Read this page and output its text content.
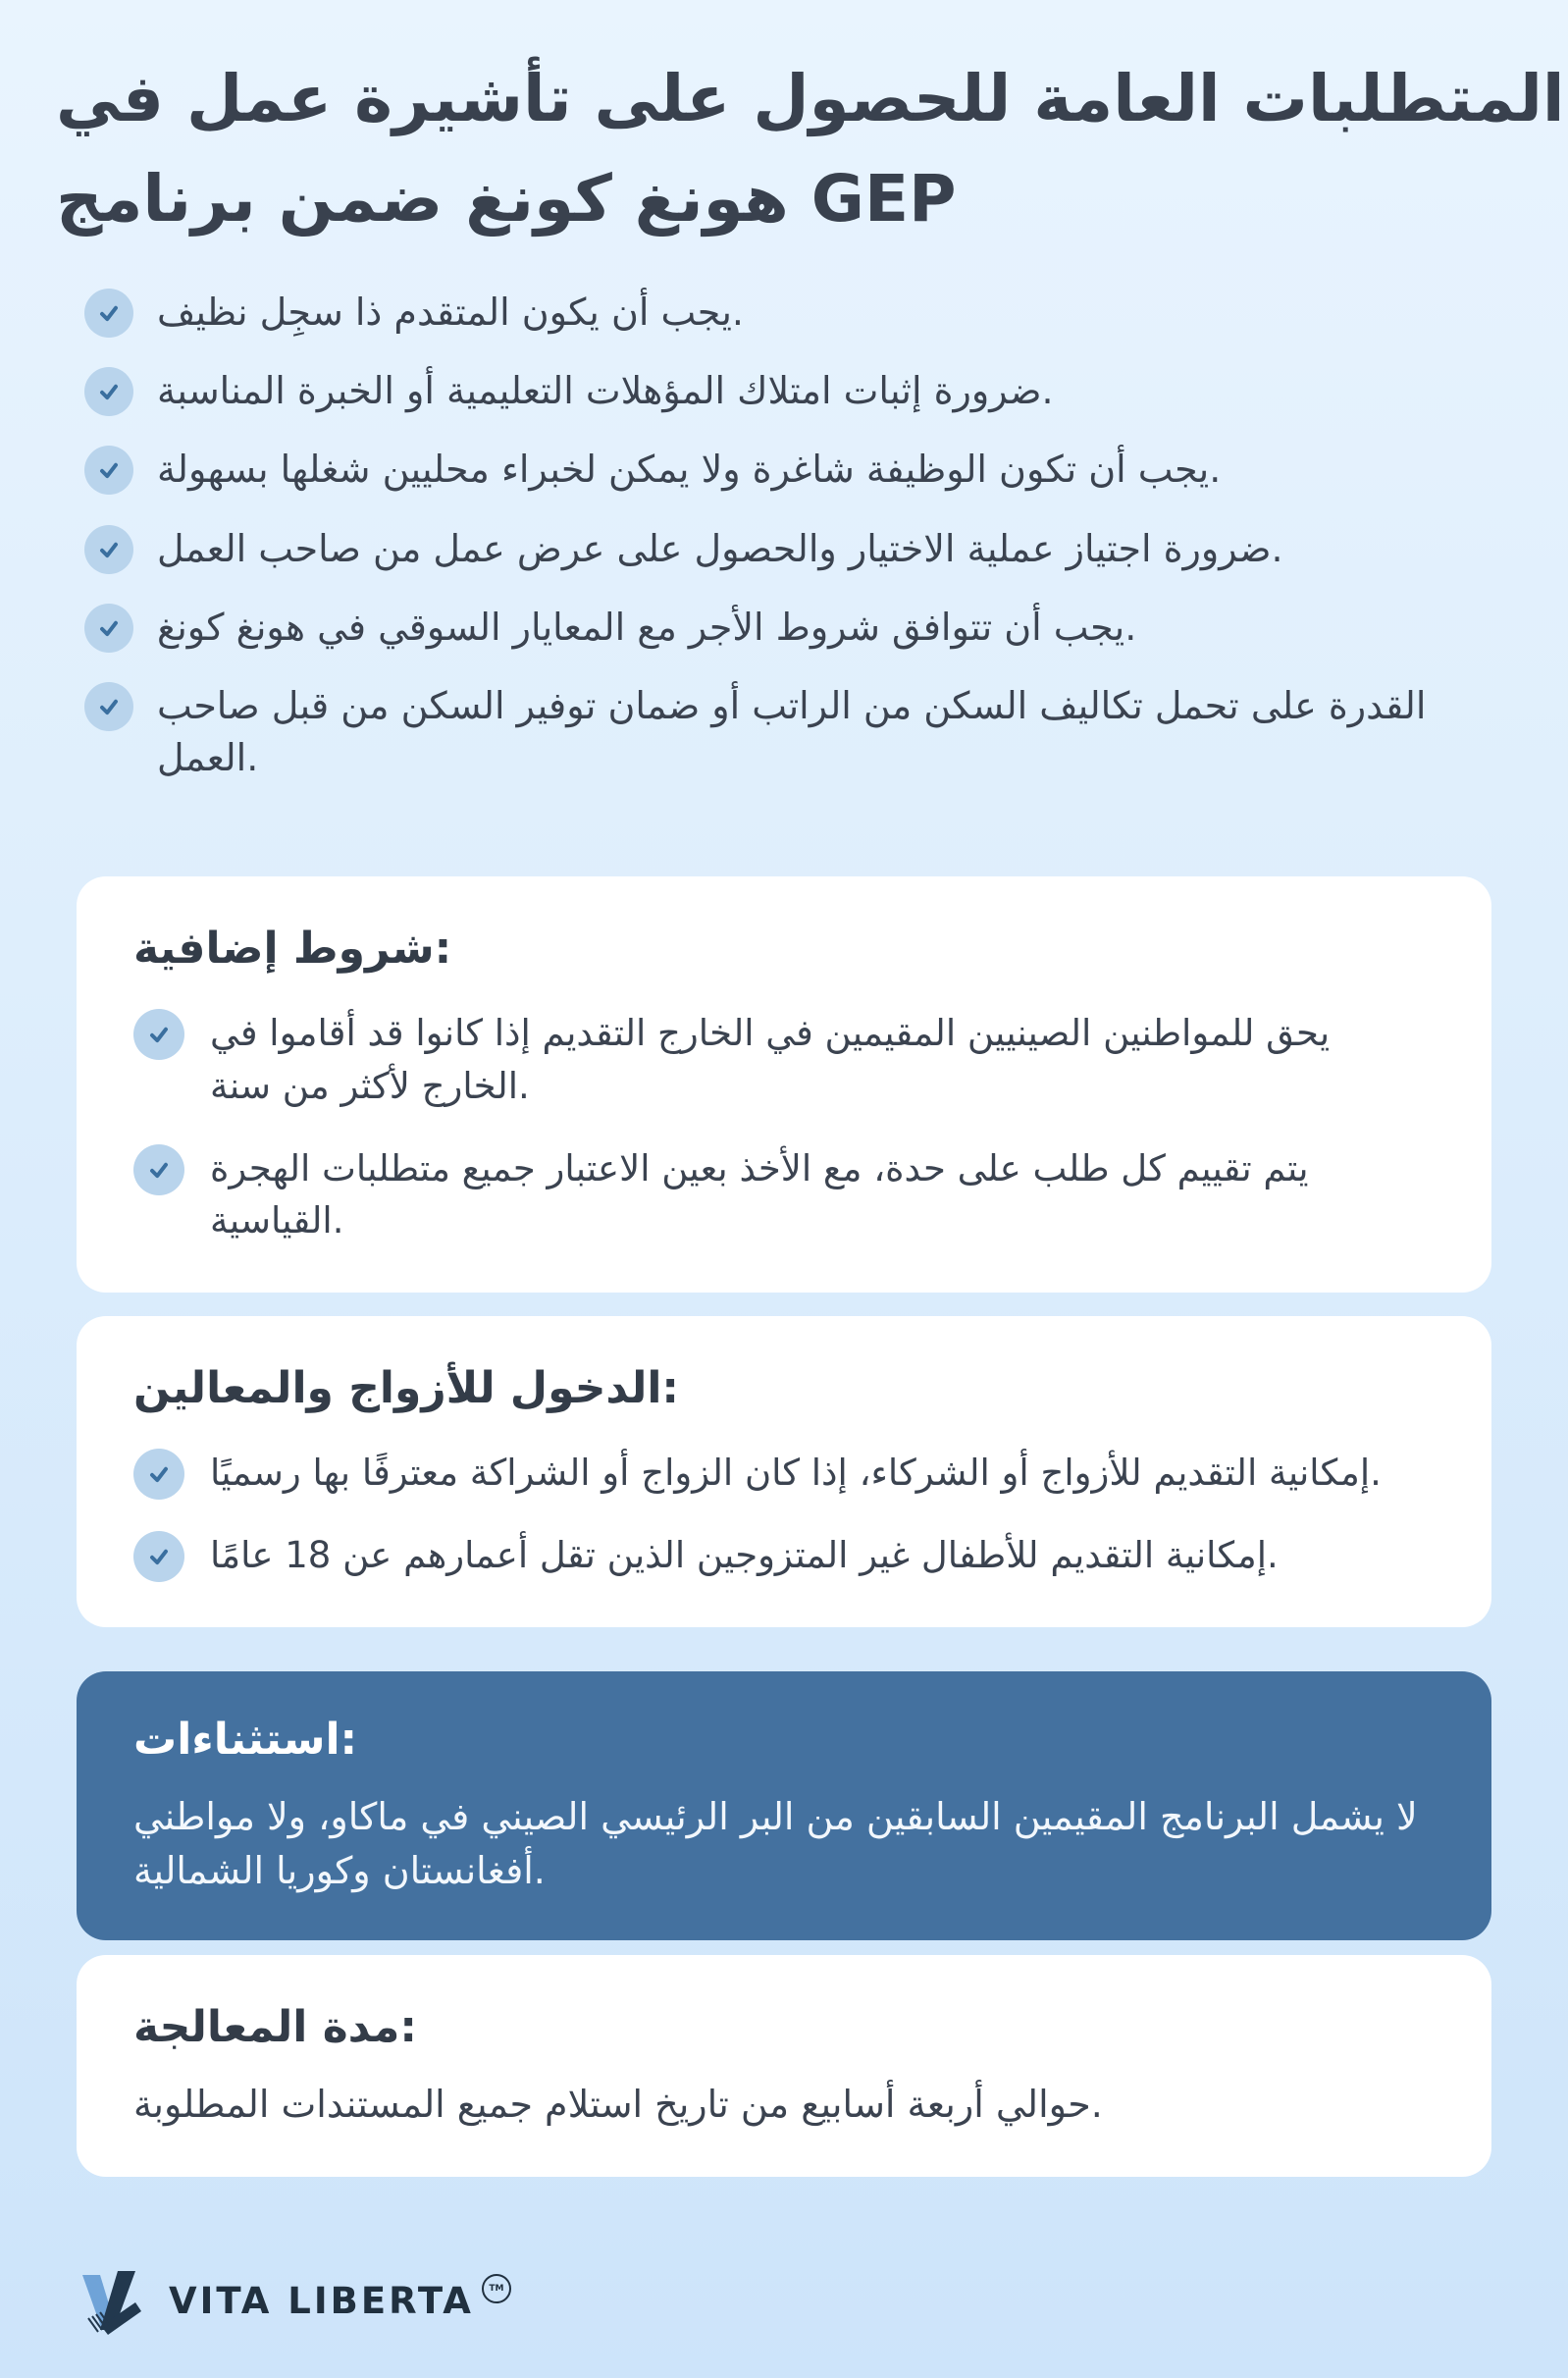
المتطلبات العامة للحصول على تأشيرة عمل في
هونغ كونغ ضمن برنامج GEP
يجب أن يكون المتقدم ذا سجِل نظيف.
ضرورة إثبات امتلاك المؤهلات التعليمية أو الخبرة المناسبة.
يجب أن تكون الوظيفة شاغرة ولا يمكن لخبراء محليين شغلها بسهولة.
ضرورة اجتياز عملية الاختيار والحصول على عرض عمل من صاحب العمل.
يجب أن تتوافق شروط الأجر مع المعايار السوقي في هونغ كونغ.
القدرة على تحمل تكاليف السكن من الراتب أو ضمان توفير السكن من قبل صاحب العمل.
شروط إضافية:
يحق للمواطنين الصينيين المقيمين في الخارج التقديم إذا كانوا قد أقاموا في الخارج لأكثر من سنة.
يتم تقييم كل طلب على حدة، مع الأخذ بعين الاعتبار جميع متطلبات الهجرة القياسية.
الدخول للأزواج والمعالين:
إمكانية التقديم للأزواج أو الشركاء، إذا كان الزواج أو الشراكة معترفًا بها رسميًا.
إمكانية التقديم للأطفال غير المتزوجين الذين تقل أعمارهم عن 18 عامًا.
استثناءات:
لا يشمل البرنامج المقيمين السابقين من البر الرئيسي الصيني في ماكاو، ولا مواطني أفغانستان وكوريا الشمالية.
مدة المعالجة:
حوالي أربعة أسابيع من تاريخ استلام جميع المستندات المطلوبة.
VITA LIBERTA	TM
